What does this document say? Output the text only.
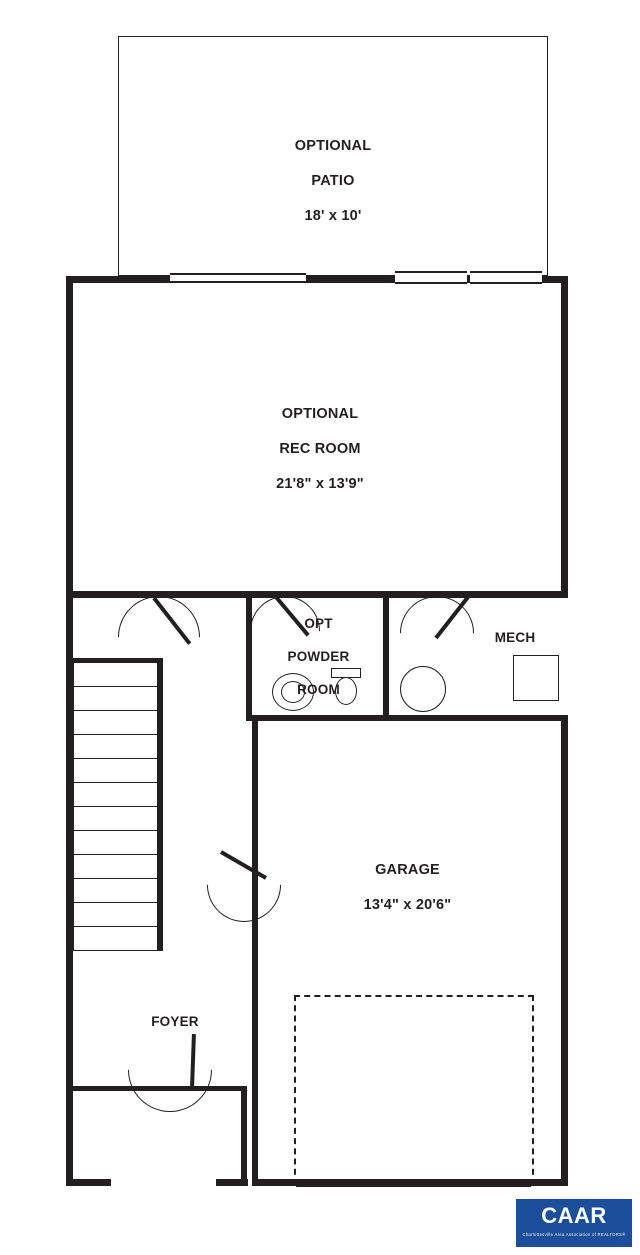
OPTIONAL

PATIO

18' x 10'

OPTIONAL

REC ROOM

21'8" x 13'9"

FOYER

OPT

POWDER

ROOM

MECH

GARAGE

13'4" x 20'6"

CAAR
Charlottesville Area Association of REALTORS®
